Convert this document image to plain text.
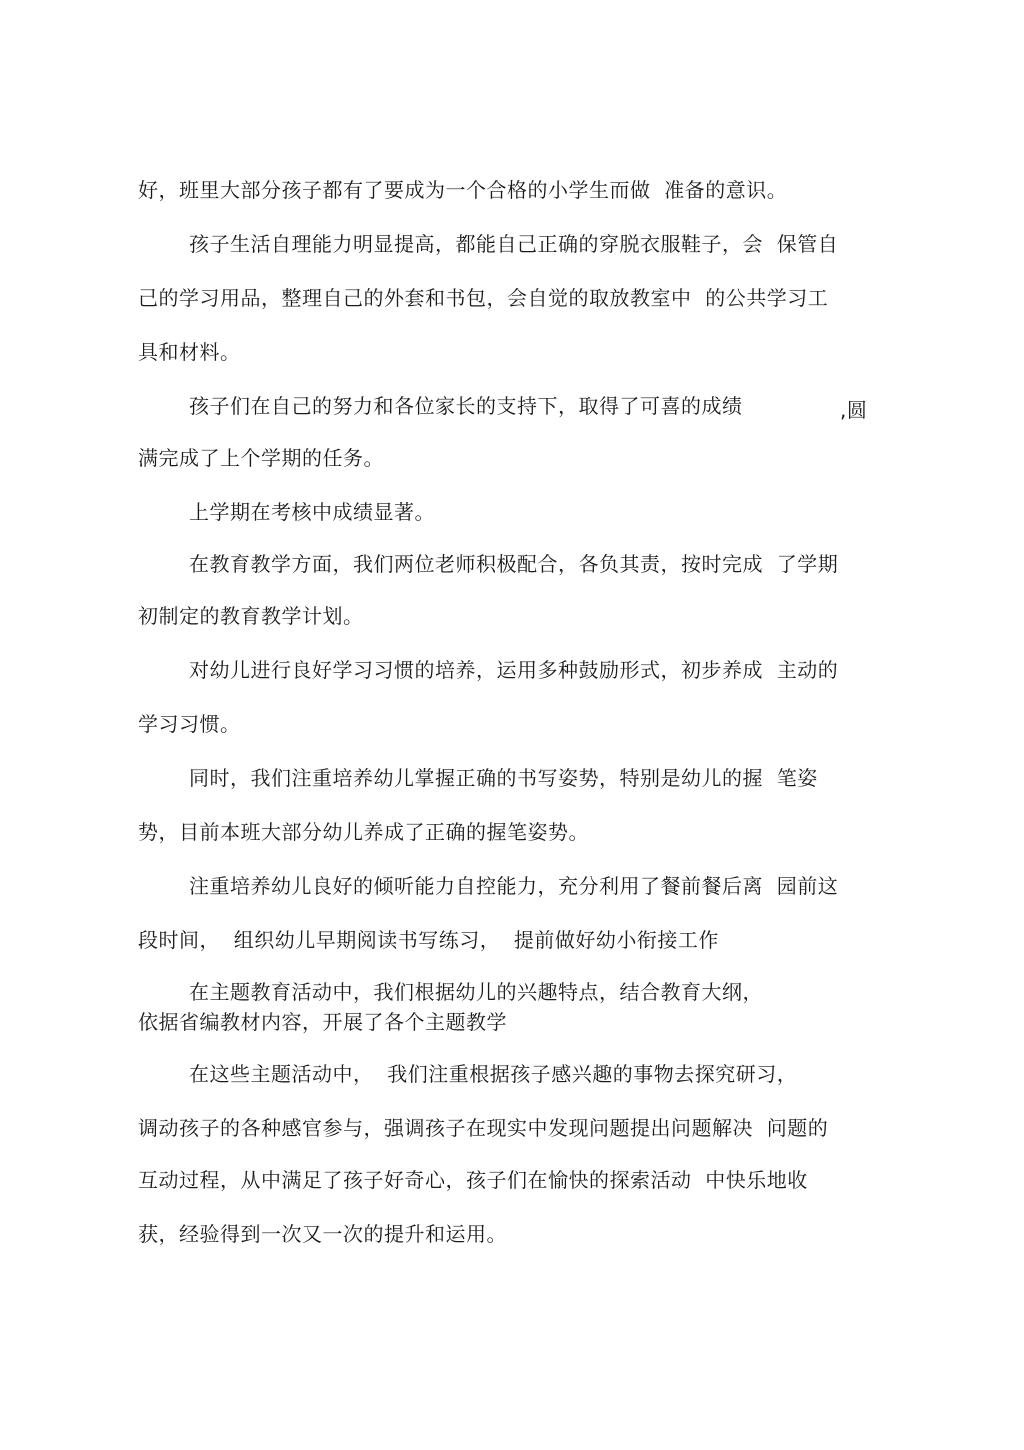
好，班里大部分孩子都有了要成为一个合格的小学生而做  准备的意识。
孩子生活自理能力明显提高，都能自己正确的穿脱衣服鞋子，会  保管自
己的学习用品，整理自己的外套和书包，会自觉的取放教室中  的公共学习工
具和材料。
孩子们在自己的努力和各位家长的支持下，取得了可喜的成绩	,圆
满完成了上个学期的任务。
上学期在考核中成绩显著。
在教育教学方面，我们两位老师积极配合，各负其责，按时完成  了学期
初制定的教育教学计划。
对幼儿进行良好学习习惯的培养，运用多种鼓励形式，初步养成  主动的
学习习惯。
同时，我们注重培养幼儿掌握正确的书写姿势，特别是幼儿的握  笔姿
势，目前本班大部分幼儿养成了正确的握笔姿势。
注重培养幼儿良好的倾听能力自控能力，充分利用了餐前餐后离  园前这
段时间，  组织幼儿早期阅读书写练习，  提前做好幼小衔接工作
在主题教育活动中，我们根据幼儿的兴趣特点，结合教育大纲，
依据省编教材内容，开展了各个主题教学
在这些主题活动中，  我们注重根据孩子感兴趣的事物去探究研习，
调动孩子的各种感官参与，强调孩子在现实中发现问题提出问题解决  问题的
互动过程，从中满足了孩子好奇心，孩子们在愉快的探索活动  中快乐地收
获，经验得到一次又一次的提升和运用。
